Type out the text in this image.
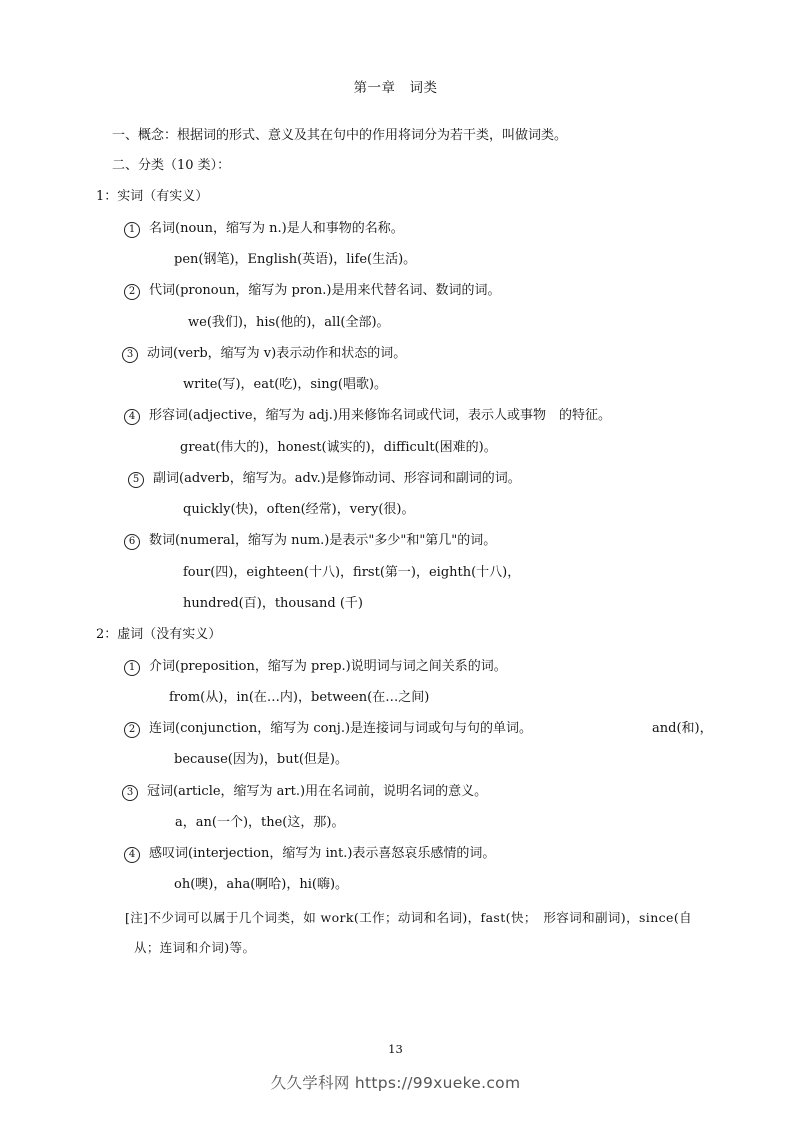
第一章　词类
一、概念：根据词的形式、意义及其在句中的作用将词分为若干类，叫做词类。
二、分类（10 类）：
1：实词（有实义）
1 名词(noun，缩写为 n.)是人和事物的名称。
pen(钢笔)，English(英语)，life(生活)。
2 代词(pronoun，缩写为 pron.)是用来代替名词、数词的词。
we(我们)，his(他的)，all(全部)。
3 动词(verb，缩写为 v)表示动作和状态的词。
write(写)，eat(吃)，sing(唱歌)。
4 形容词(adjective，缩写为 adj.)用来修饰名词或代词，表示人或事物　的特征。
great(伟大的)，honest(诚实的)，difficult(困难的)。
5 副词(adverb，缩写为。adv.)是修饰动词、形容词和副词的词。
quickly(快)，often(经常)，very(很)。
6 数词(numeral，缩写为 num.)是表示"多少"和"第几"的词。
four(四)，eighteen(十八)，first(第一)，eighth(十八)，
hundred(百)，thousand (千)
2：虚词（没有实义）
1 介词(preposition，缩写为 prep.)说明词与词之间关系的词。
from(从)，in(在…内)，between(在…之间)
2 连词(conjunction，缩写为 conj.)是连接词与词或句与句的单词。	and(和)，
because(因为)，but(但是)。
3 冠词(article，缩写为 art.)用在名词前，说明名词的意义。
a，an(一个)，the(这，那)。
4 感叹词(interjection，缩写为 int.)表示喜怒哀乐感情的词。
oh(噢)，aha(啊哈)，hi(嗨)。
[注]不少词可以属于几个词类，如 work(工作；动词和名词)，fast(快；　形容词和副词)，since(自
从；连词和介词)等。
13
久久学科网 https://99xueke.com
